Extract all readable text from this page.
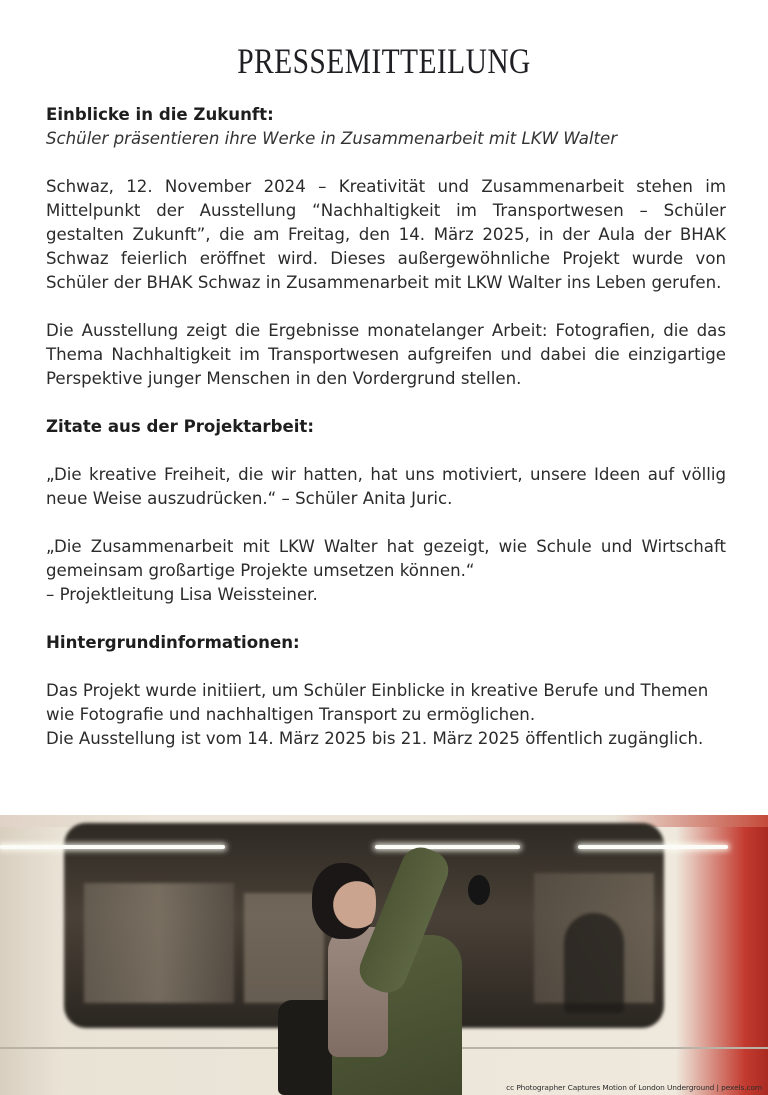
PRESSEMITTEILUNG
Einblicke in die Zukunft:

Schüler präsentieren ihre Werke in Zusammenarbeit mit LKW Walter

Schwaz, 12. November 2024 – Kreativität und Zusammenarbeit stehen im Mittelpunkt der Ausstellung “Nachhaltigkeit im Transportwesen – Schüler gestalten Zukunft”, die am Freitag, den 14. März 2025, in der Aula der BHAK Schwaz feierlich eröffnet wird. Dieses außergewöhnliche Projekt wurde von Schüler der BHAK Schwaz in Zusammenarbeit mit LKW Walter ins Leben gerufen.

Die Ausstellung zeigt die Ergebnisse monatelanger Arbeit: Fotografien, die das Thema Nachhaltigkeit im Transportwesen aufgreifen und dabei die einzigartige Perspektive junger Menschen in den Vordergrund stellen.

Zitate aus der Projektarbeit:

„Die kreative Freiheit, die wir hatten, hat uns motiviert, unsere Ideen auf völlig neue Weise auszudrücken.“ – Schüler Anita Juric.

„Die Zusammenarbeit mit LKW Walter hat gezeigt, wie Schule und Wirtschaft gemeinsam großartige Projekte umsetzen können.“

– Projektleitung Lisa Weissteiner.

Hintergrundinformationen:

Das Projekt wurde initiiert, um Schüler Einblicke in kreative Berufe und Themen wie Fotografie und nachhaltigen Transport zu ermöglichen.

Die Ausstellung ist vom 14. März 2025 bis 21. März 2025 öffentlich zugänglich.

cc Photographer Captures Motion of London Underground | pexels.com
